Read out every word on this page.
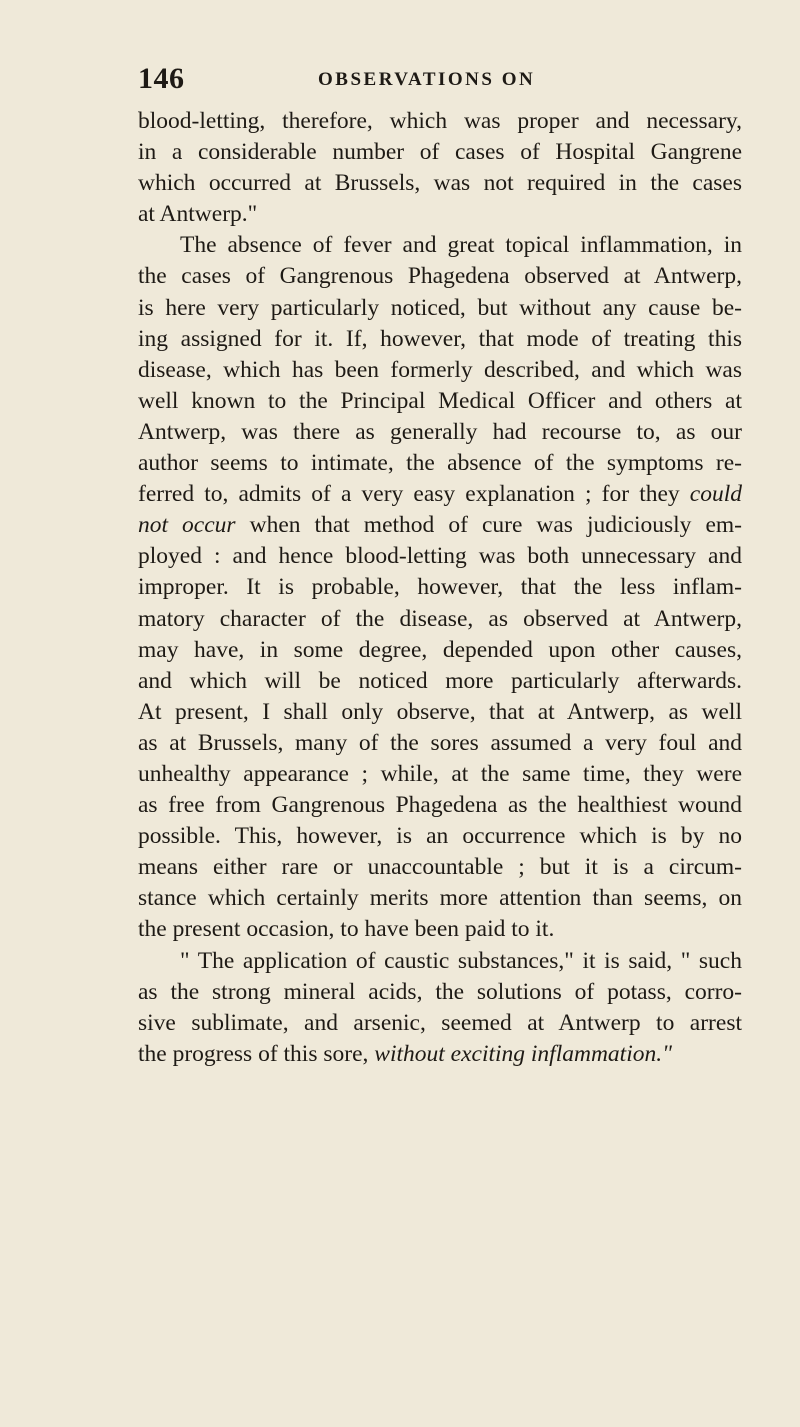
146	OBSERVATIONS ON
blood-letting, therefore, which was proper and necessary,
in a considerable number of cases of Hospital Gangrene
which occurred at Brussels, was not required in the cases
at Antwerp."
The absence of fever and great topical inflammation, in
the cases of Gangrenous Phagedena observed at Antwerp,
is here very particularly noticed, but without any cause be-
ing assigned for it. If, however, that mode of treating this
disease, which has been formerly described, and which was
well known to the Principal Medical Officer and others at
Antwerp, was there as generally had recourse to, as our
author seems to intimate, the absence of the symptoms re-
ferred to, admits of a very easy explanation ; for they could
not occur when that method of cure was judiciously em-
ployed : and hence blood-letting was both unnecessary and
improper. It is probable, however, that the less inflam-
matory character of the disease, as observed at Antwerp,
may have, in some degree, depended upon other causes,
and which will be noticed more particularly afterwards.
At present, I shall only observe, that at Antwerp, as well
as at Brussels, many of the sores assumed a very foul and
unhealthy appearance ; while, at the same time, they were
as free from Gangrenous Phagedena as the healthiest wound
possible. This, however, is an occurrence which is by no
means either rare or unaccountable ; but it is a circum-
stance which certainly merits more attention than seems, on
the present occasion, to have been paid to it.
" The application of caustic substances," it is said, " such
as the strong mineral acids, the solutions of potass, corro-
sive sublimate, and arsenic, seemed at Antwerp to arrest
the progress of this sore, without exciting inflammation."
